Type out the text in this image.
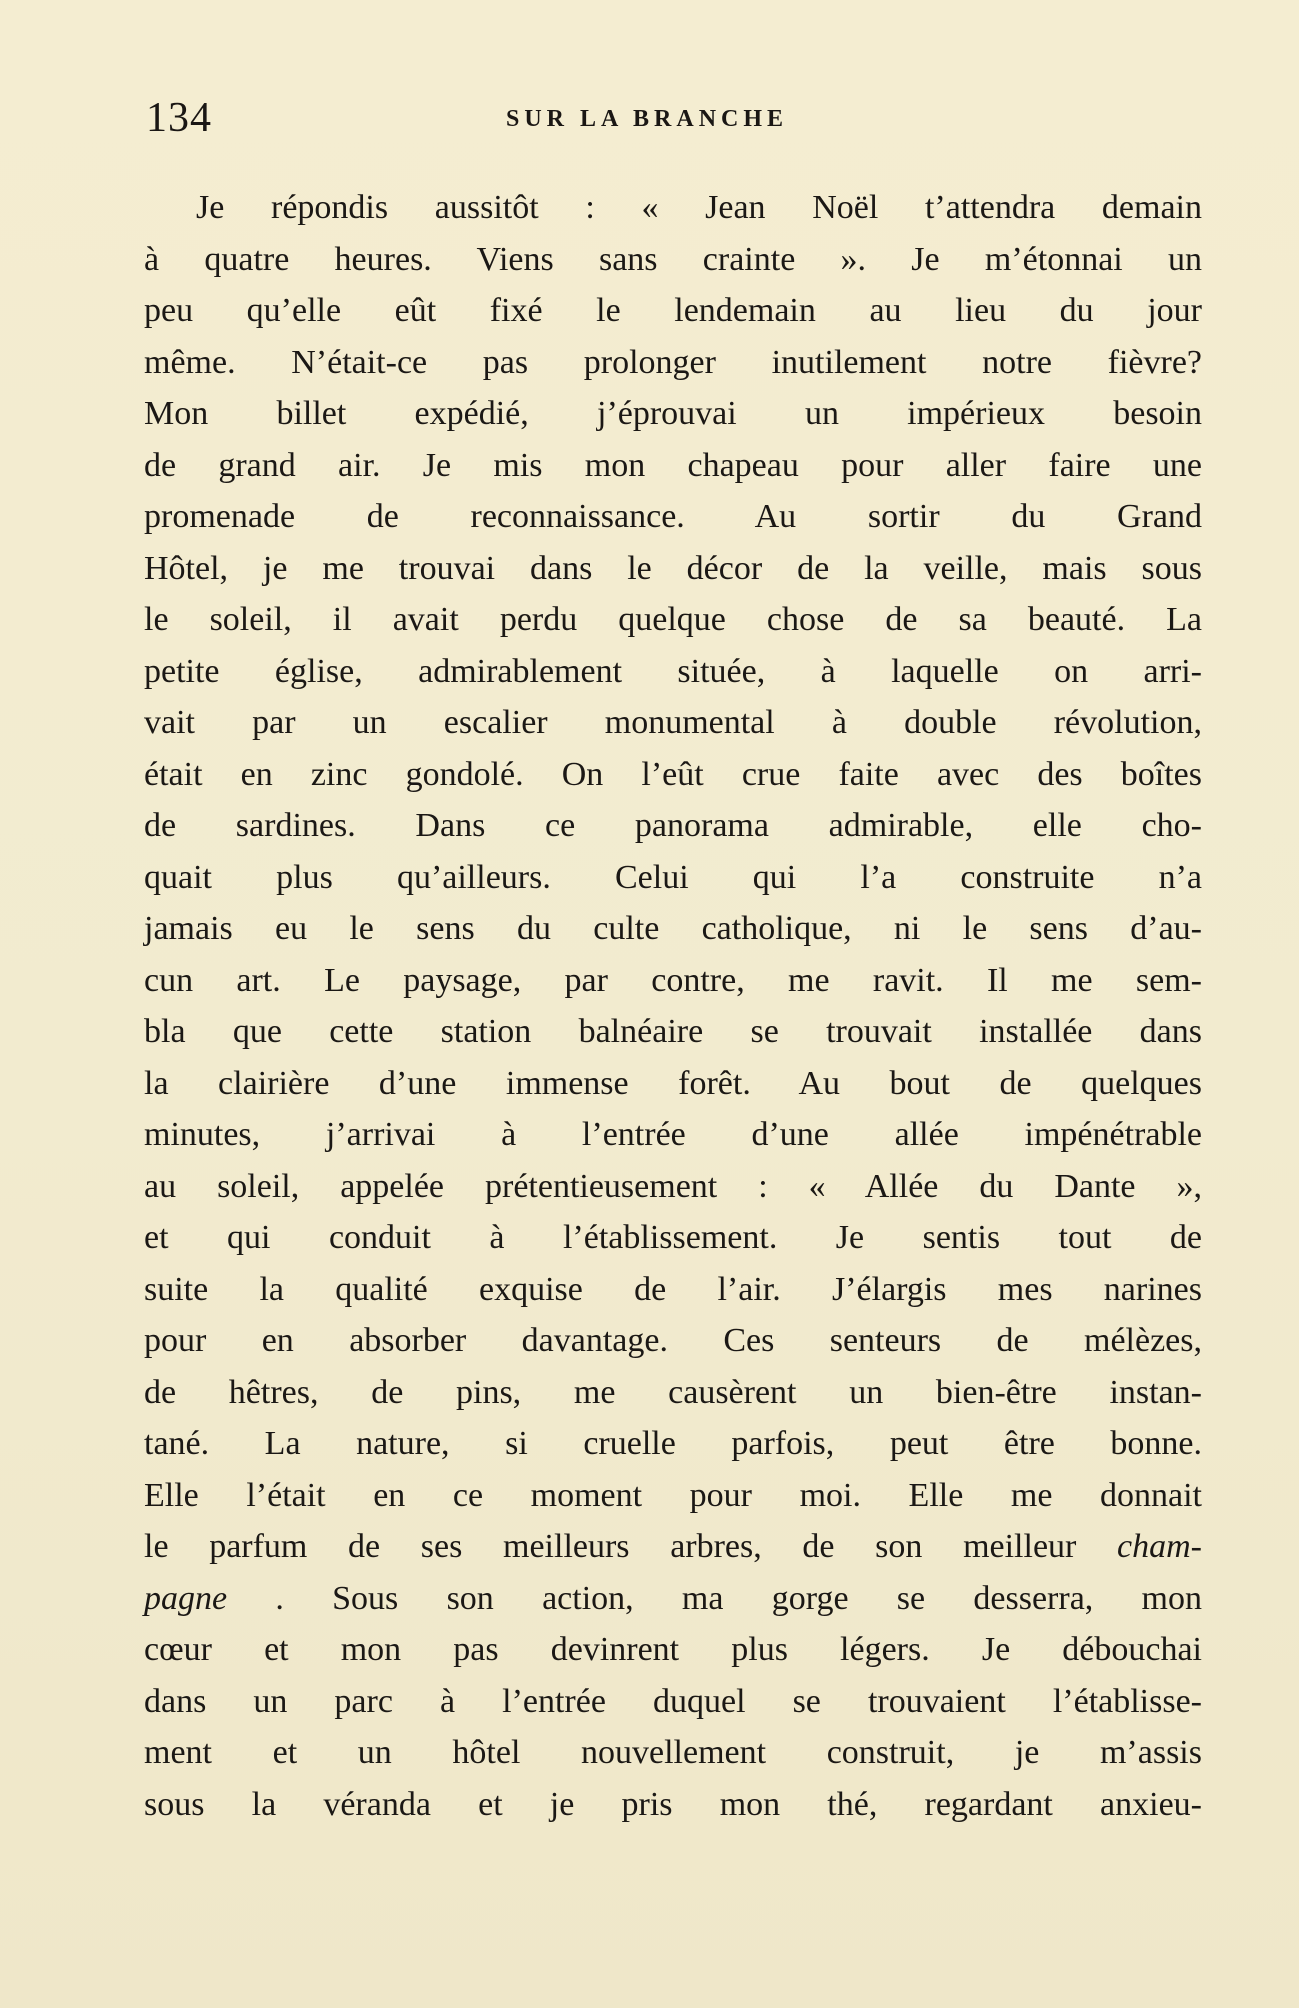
134	SUR LA BRANCHE
Je répondis aussitôt : « Jean Noël t’attendra demain
à quatre heures. Viens sans crainte ». Je m’étonnai un
peu qu’elle eût fixé le lendemain au lieu du jour
même. N’était-ce pas prolonger inutilement notre fièvre?
Mon billet expédié, j’éprouvai un impérieux besoin
de grand air. Je mis mon chapeau pour aller faire une
promenade de reconnaissance. Au sortir du Grand
Hôtel, je me trouvai dans le décor de la veille, mais sous
le soleil, il avait perdu quelque chose de sa beauté. La
petite église, admirablement située, à laquelle on arri-
vait par un escalier monumental à double révolution,
était en zinc gondolé. On l’eût crue faite avec des boîtes
de sardines. Dans ce panorama admirable, elle cho-
quait plus qu’ailleurs. Celui qui l’a construite n’a
jamais eu le sens du culte catholique, ni le sens d’au-
cun art. Le paysage, par contre, me ravit. Il me sem-
bla que cette station balnéaire se trouvait installée dans
la clairière d’une immense forêt. Au bout de quelques
minutes, j’arrivai à l’entrée d’une allée impénétrable
au soleil, appelée prétentieusement : « Allée du Dante »,
et qui conduit à l’établissement. Je sentis tout de
suite la qualité exquise de l’air. J’élargis mes narines
pour en absorber davantage. Ces senteurs de mélèzes,
de hêtres, de pins, me causèrent un bien-être instan-
tané. La nature, si cruelle parfois, peut être bonne.
Elle l’était en ce moment pour moi. Elle me donnait
le parfum de ses meilleurs arbres, de son meilleur cham-
pagne . Sous son action, ma gorge se desserra, mon
cœur et mon pas devinrent plus légers. Je débouchai
dans un parc à l’entrée duquel se trouvaient l’établisse-
ment et un hôtel nouvellement construit, je m’assis
sous la véranda et je pris mon thé, regardant anxieu-
